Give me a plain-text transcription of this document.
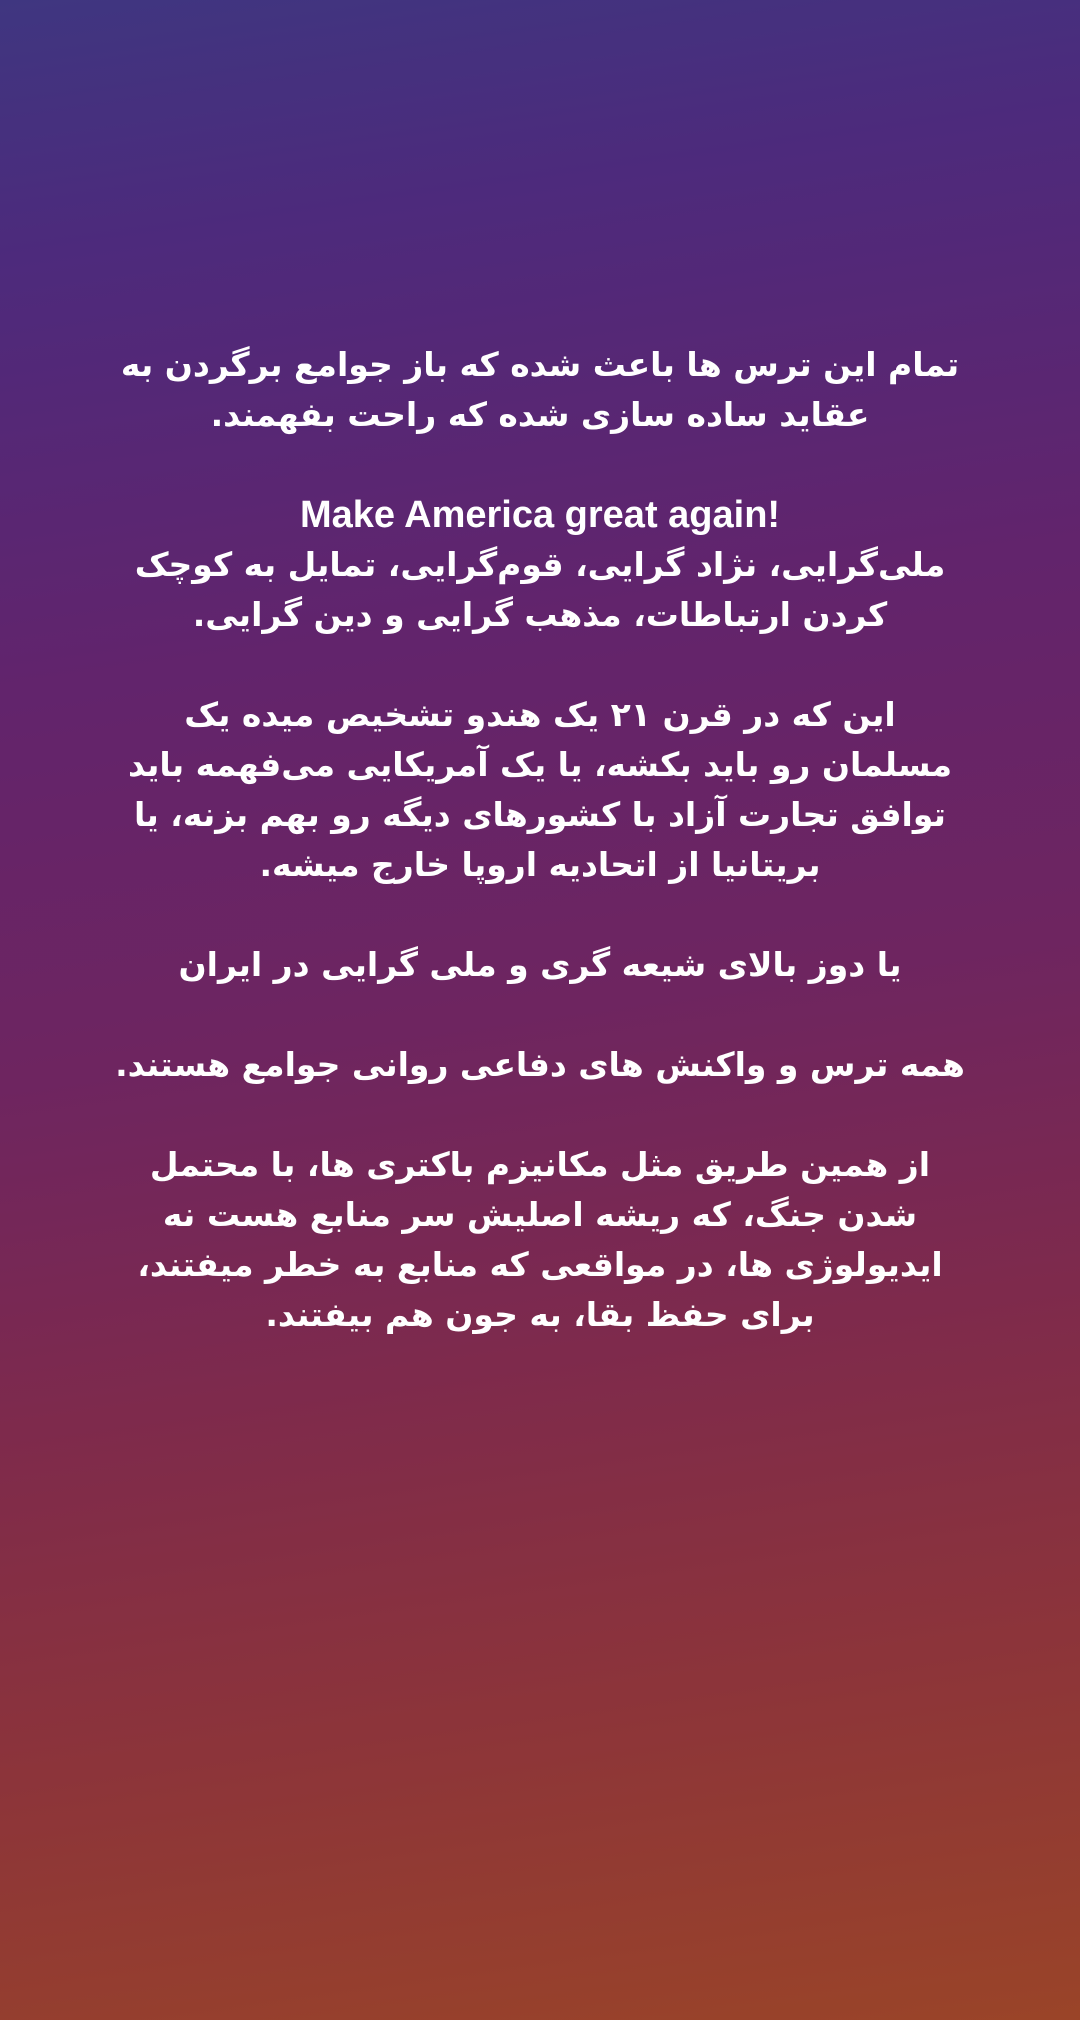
تمام این ترس ها باعث شده که باز جوامع برگردن به
عقاید ساده سازی شده که راحت بفهمند.

Make America great again!
ملی‌گرایی، نژاد گرایی، قوم‌گرایی، تمایل به کوچک
کردن ارتباطات، مذهب گرایی و دین گرایی.

این که در قرن ۲۱ یک هندو تشخیص میده یک
مسلمان رو باید بکشه، یا یک آمریکایی می‌فهمه باید
توافق تجارت آزاد با کشورهای دیگه رو بهم بزنه، یا
بریتانیا از اتحادیه اروپا خارج میشه.

یا دوز بالای شیعه گری و ملی گرایی در ایران

همه ترس و واکنش های دفاعی روانی جوامع هستند.

از همین طریق مثل مکانیزم باکتری ها، با محتمل
شدن جنگ، که ریشه اصلیش سر منابع هست نه
ایدیولوژی ها، در مواقعی که منابع به خطر میفتند،
برای حفظ بقا، به جون هم بیفتند.
